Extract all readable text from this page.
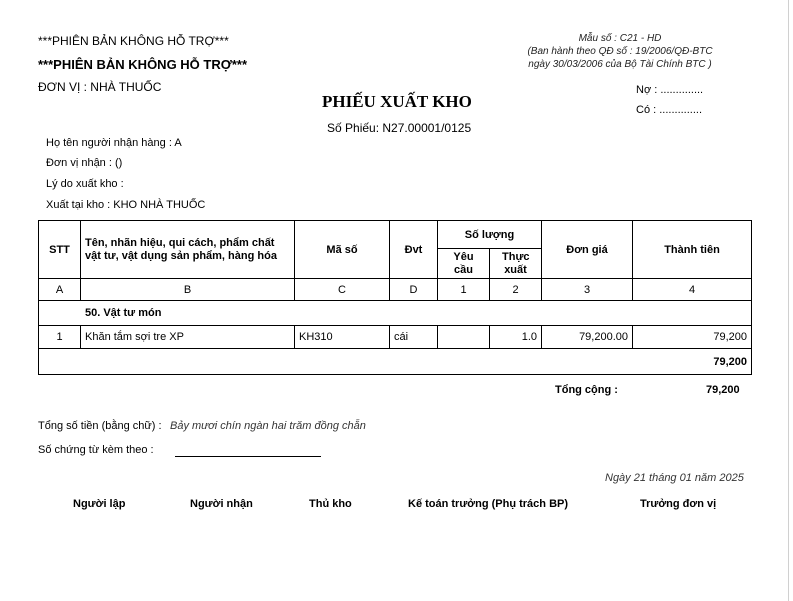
***PHIÊN BẢN KHÔNG HỖ TRỢ***
***PHIÊN BẢN KHÔNG HỖ TRỢ***
ĐƠN VỊ : NHÀ THUỐC
Mẫu số : C21 - HD
(Ban hành theo QĐ số : 19/2006/QĐ-BTC
ngày 30/03/2006 của Bộ Tài Chính BTC )
Nợ : ..............
Có : ..............
PHIẾU XUẤT KHO
Số Phiếu: N27.00001/0125
Họ tên người nhận hàng : A
Đơn vị nhận : ()
Lý do xuất kho :
Xuất tại kho : KHO NHÀ THUỐC
STT	Tên, nhãn hiệu, qui cách, phẩm chất vật tư, vật dụng sản phẩm, hàng hóa	Mã số	Đvt	Số lượng		Đơn giá	Thành tiên
				Yêu cầu	Thực xuất		
A	B	C	D	1	2	3	4
50. Vật tư món							
1	Khăn tắm sợi tre XP	KH310	cái		1.0	79,200.00	79,200
							79,200
Tổng cộng :	79,200
Tổng số tiền (bằng chữ) : Bảy mươi chín ngàn hai trăm đồng chẵn
Số chứng từ kèm theo :
Ngày 21 tháng 01 năm 2025
Người lập	Người nhận	Thủ kho	Kế toán trưởng (Phụ trách BP)	Trưởng đơn vị
